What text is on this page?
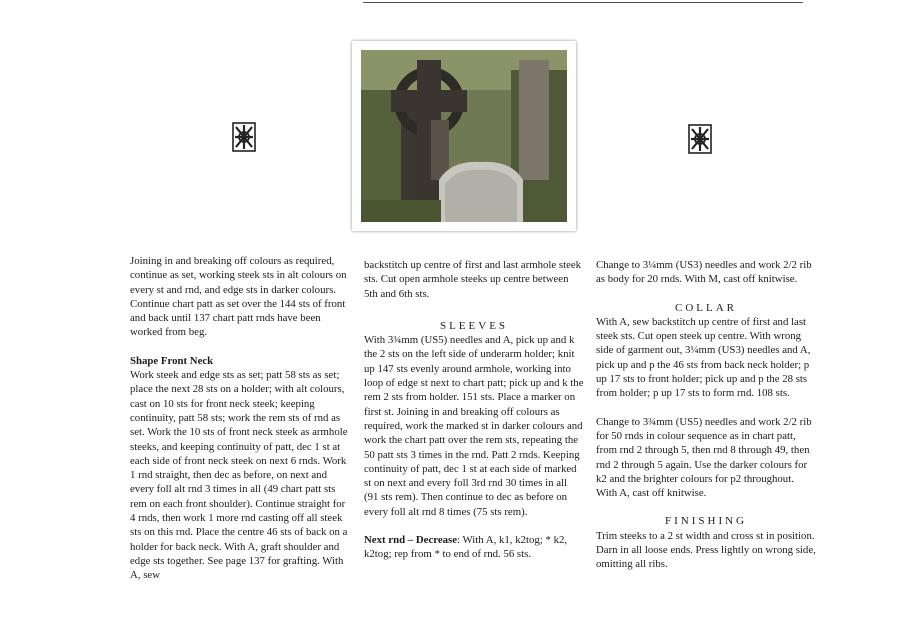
Joining in and breaking off colours as required, continue as set, working steek sts in alt colours on every st and rnd, and edge sts in darker colours. Continue chart patt as set over the 144 sts of front and back until 137 chart patt rnds have been worked from beg.

Shape Front Neck

Work steek and edge sts as set; patt 58 sts as set; place the next 28 sts on a holder; with alt colours, cast on 10 sts for front neck steek; keeping continuity, patt 58 sts; work the rem sts of rnd as set. Work the 10 sts of front neck steek as armhole steeks, and keeping continuity of patt, dec 1 st at each side of front neck steek on next 6 rnds. Work 1 rnd straight, then dec as before, on next and every foll alt rnd 3 times in all (49 chart patt sts rem on each front shoulder). Continue straight for 4 rnds, then work 1 more rnd casting off all steek sts on this rnd. Place the centre 46 sts of back on a holder for back neck. With A, graft shoulder and edge sts together. See page 137 for grafting. With A, sew

backstitch up centre of first and last armhole steek sts. Cut open armhole steeks up centre between 5th and 6th sts.

SLEEVES

With 3¾mm (US5) needles and A, pick up and k the 2 sts on the left side of underarm holder; knit up 147 sts evenly around armhole, working into loop of edge st next to chart patt; pick up and k the rem 2 sts from holder. 151 sts. Place a marker on first st. Joining in and breaking off colours as required, work the marked st in darker colours and work the chart patt over the rem sts, repeating the 50 patt sts 3 times in the rnd. Patt 2 rnds. Keeping continuity of patt, dec 1 st at each side of marked st on next and every foll 3rd rnd 30 times in all (91 sts rem). Then continue to dec as before on every foll alt rnd 8 times (75 sts rem).

Next rnd – Decrease: With A, k1, k2tog; * k2, k2tog; rep from * to end of rnd. 56 sts.

Change to 3¼mm (US3) needles and work 2/2 rib as body for 20 rnds. With M, cast off knitwise.

COLLAR

With A, sew backstitch up centre of first and last steek sts. Cut open steek up centre. With wrong side of garment out, 3¼mm (US3) needles and A, pick up and p the 46 sts from back neck holder; p up 17 sts to front holder; pick up and p the 28 sts from holder; p up 17 sts to form rnd. 108 sts.

Change to 3¾mm (US5) needles and work 2/2 rib for 50 rnds in colour sequence as in chart patt, from rnd 2 through 5, then rnd 8 through 49, then rnd 2 through 5 again. Use the darker colours for k2 and the brighter colours for p2 throughout. With A, cast off knitwise.

FINISHING

Trim steeks to a 2 st width and cross st in position. Darn in all loose ends. Press lightly on wrong side, omitting all ribs.
